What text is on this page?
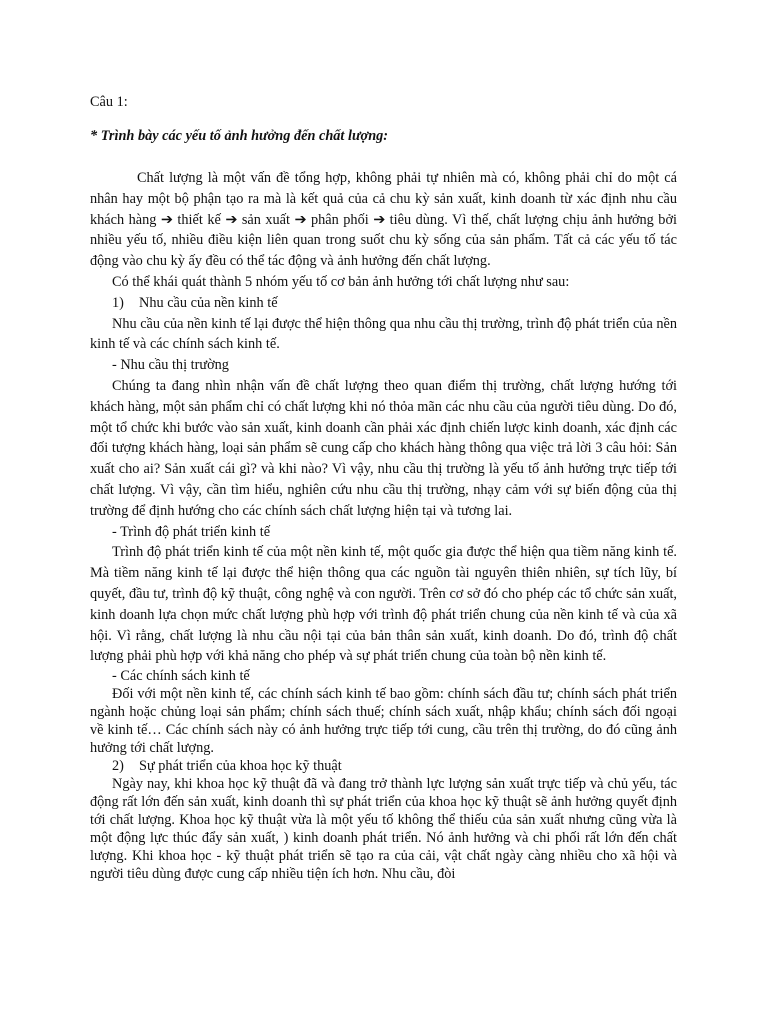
Câu 1:
* Trình bày các yếu tố ảnh hưởng đến chất lượng:

Chất lượng là một vấn đề tổng hợp, không phải tự nhiên mà có, không phải chỉ do một cá nhân hay một bộ phận tạo ra mà là kết quả của cả chu kỳ sản xuất, kinh doanh từ xác định nhu cầu khách hàng ➔ thiết kế ➔ sản xuất ➔ phân phối ➔ tiêu dùng. Vì thế, chất lượng chịu ảnh hưởng bởi nhiều yếu tố, nhiều điều kiện liên quan trong suốt chu kỳ sống của sản phẩm. Tất cả các yếu tố tác động vào chu kỳ ấy đều có thể tác động và ảnh hưởng đến chất lượng.

Có thể khái quát thành 5 nhóm yếu tố cơ bản ảnh hưởng tới chất lượng như sau:

1) Nhu cầu của nền kinh tế

Nhu cầu của nền kinh tế lại được thể hiện thông qua nhu cầu thị trường, trình độ phát triển của nền kinh tế và các chính sách kinh tế.

- Nhu cầu thị trường

Chúng ta đang nhìn nhận vấn đề chất lượng theo quan điểm thị trường, chất lượng hướng tới khách hàng, một sản phẩm chỉ có chất lượng khi nó thỏa mãn các nhu cầu của người tiêu dùng. Do đó, một tổ chức khi bước vào sản xuất, kinh doanh cần phải xác định chiến lược kinh doanh, xác định các đối tượng khách hàng, loại sản phẩm sẽ cung cấp cho khách hàng thông qua việc trả lời 3 câu hỏi: Sản xuất cho ai? Sản xuất cái gì? và khi nào? Vì vậy, nhu cầu thị trường là yếu tố ảnh hưởng trực tiếp tới chất lượng. Vì vậy, cần tìm hiểu, nghiên cứu nhu cầu thị trường, nhạy cảm với sự biến động của thị trường để định hướng cho các chính sách chất lượng hiện tại và tương lai.

- Trình độ phát triển kinh tế

Trình độ phát triển kinh tế của một nền kinh tế, một quốc gia được thể hiện qua tiềm năng kinh tế. Mà tiềm năng kinh tế lại được thể hiện thông qua các nguồn tài nguyên thiên nhiên, sự tích lũy, bí quyết, đầu tư, trình độ kỹ thuật, công nghệ và con người. Trên cơ sở đó cho phép các tổ chức sản xuất, kinh doanh lựa chọn mức chất lượng phù hợp với trình độ phát triển chung của nền kinh tế và của xã hội. Vì rằng, chất lượng là nhu cầu nội tại của bản thân sản xuất, kinh doanh. Do đó, trình độ chất lượng phải phù hợp với khả năng cho phép và sự phát triển chung của toàn bộ nền kinh tế.

- Các chính sách kinh tế

Đối với một nền kinh tế, các chính sách kinh tế bao gồm: chính sách đầu tư; chính sách phát triển ngành hoặc chủng loại sản phẩm; chính sách thuế; chính sách xuất, nhập khẩu; chính sách đối ngoại về kinh tế… Các chính sách này có ảnh hưởng trực tiếp tới cung, cầu trên thị trường, do đó cũng ảnh hưởng tới chất lượng.

2) Sự phát triển của khoa học kỹ thuật

Ngày nay, khi khoa học kỹ thuật đã và đang trở thành lực lượng sản xuất trực tiếp và chủ yếu, tác động rất lớn đến sản xuất, kinh doanh thì sự phát triển của khoa học kỹ thuật sẽ ảnh hưởng quyết định tới chất lượng. Khoa học kỹ thuật vừa là một yếu tố không thể thiếu của sản xuất nhưng cũng vừa là một động lực thúc đẩy sản xuất, ) kinh doanh phát triển. Nó ảnh hưởng và chi phối rất lớn đến chất lượng. Khi khoa học - kỹ thuật phát triển sẽ tạo ra của cải, vật chất ngày càng nhiều cho xã hội và người tiêu dùng được cung cấp nhiều tiện ích hơn. Nhu cầu, đòi
